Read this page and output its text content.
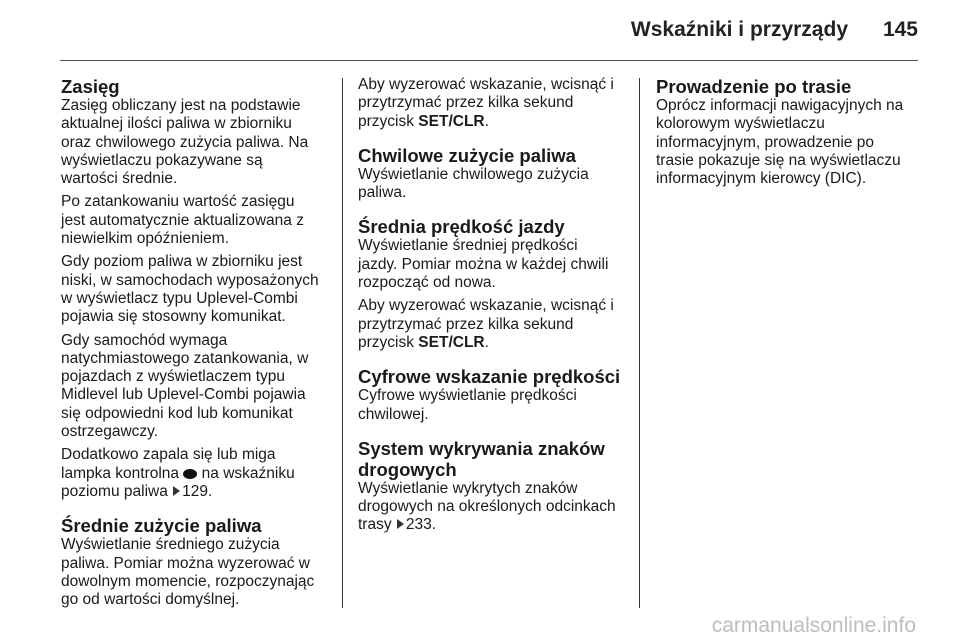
Wskaźniki i przyrządy 145
Zasięg

Zasięg obliczany jest na podstawie
aktualnej ilości paliwa w zbiorniku
oraz chwilowego zużycia paliwa. Na
wyświetlaczu pokazywane są
wartości średnie.

Po zatankowaniu wartość zasięgu
jest automatycznie aktualizowana z
niewielkim opóźnieniem.

Gdy poziom paliwa w zbiorniku jest
niski, w samochodach wyposażonych
w wyświetlacz typu Uplevel-Combi
pojawia się stosowny komunikat.

Gdy samochód wymaga
natychmiastowego zatankowania, w
pojazdach z wyświetlaczem typu
Midlevel lub Uplevel-Combi pojawia
się odpowiedni kod lub komunikat
ostrzegawczy.

Dodatkowo zapala się lub miga
lampka kontrolna na wskaźniku
poziomu paliwa 129.

Średnie zużycie paliwa

Wyświetlanie średniego zużycia
paliwa. Pomiar można wyzerować w
dowolnym momencie, rozpoczynając
go od wartości domyślnej.

Aby wyzerować wskazanie, wcisnąć i
przytrzymać przez kilka sekund
przycisk SET/CLR.

Chwilowe zużycie paliwa

Wyświetlanie chwilowego zużycia
paliwa.

Średnia prędkość jazdy

Wyświetlanie średniej prędkości
jazdy. Pomiar można w każdej chwili
rozpocząć od nowa.

Aby wyzerować wskazanie, wcisnąć i
przytrzymać przez kilka sekund
przycisk SET/CLR.

Cyfrowe wskazanie prędkości

Cyfrowe wyświetlanie prędkości
chwilowej.

System wykrywania znaków
drogowych

Wyświetlanie wykrytych znaków
drogowych na określonych odcinkach
trasy 233.

Prowadzenie po trasie

Oprócz informacji nawigacyjnych na
kolorowym wyświetlaczu
informacyjnym, prowadzenie po
trasie pokazuje się na wyświetlaczu
informacyjnym kierowcy (DIC).

carmanualsonline.info
